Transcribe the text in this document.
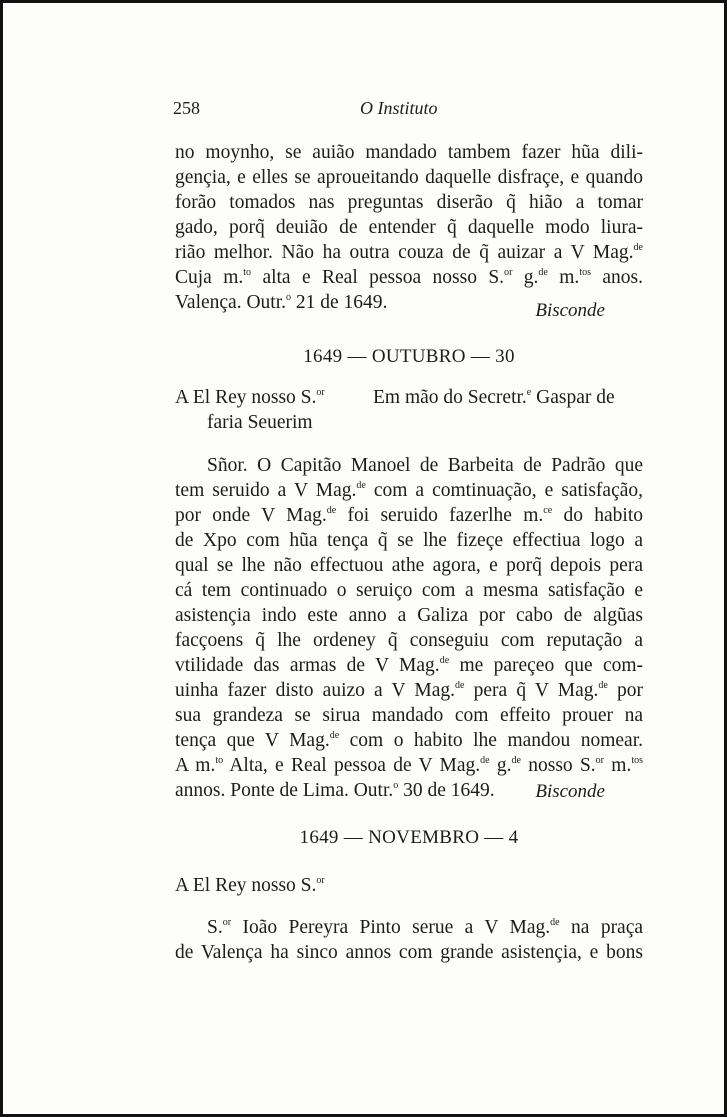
258	O Instituto
no moynho, se auião mandado tambem fazer hũa dili-
gençia, e elles se aproueitando daquelle disfraçe, e quando
forão tomados nas preguntas diserão q̃ hião a tomar
gado, porq̃ deuião de entender q̃ daquelle modo liura-
rião melhor. Não ha outra couza de q̃ auizar a V Mag.$^{de}$
Cuja m.$^{to}$ alta e Real pessoa nosso S.$^{or}$ g.$^{de}$ m.$^{tos}$ anos.
Valença. Outr.$^o$ 21 de 1649.	Bisconde
1649 — OUTUBRO — 30
A El Rey nosso S.$^{or}$
faria Seuerim
Em mão do Secretr.$^e$ Gaspar de
Sñor. O Capitão Manoel de Barbeita de Padrão que
tem seruido a V Mag.$^{de}$ com a comtinuação, e satisfação,
por onde V Mag.$^{de}$ foi seruido fazerlhe m.$^{ce}$ do habito
de Xpo com hũa tença q̃ se lhe fizeçe effectiua logo a
qual se lhe não effectuou athe agora, e porq̃ depois pera
cá tem continuado o seruiço com a mesma satisfação e
asistençia indo este anno a Galiza por cabo de algũas
facçoens q̃ lhe ordeney q̃ conseguiu com reputação a
vtilidade das armas de V Mag.$^{de}$ me pareçeo que com-
uinha fazer disto auizo a V Mag.$^{de}$ pera q̃ V Mag.$^{de}$ por
sua grandeza se sirua mandado com effeito prouer na
tença que V Mag.$^{de}$ com o habito lhe mandou nomear.
A m.$^{to}$ Alta, e Real pessoa de V Mag.$^{de}$ g.$^{de}$ nosso S.$^{or}$ m.$^{tos}$
annos. Ponte de Lima. Outr.$^o$ 30 de 1649.	Bisconde
1649 — NOVEMBRO — 4
A El Rey nosso S.$^{or}$
S.$^{or}$ Ioão Pereyra Pinto serue a V Mag.$^{de}$ na praça
de Valença ha sinco annos com grande asistençia, e bons
